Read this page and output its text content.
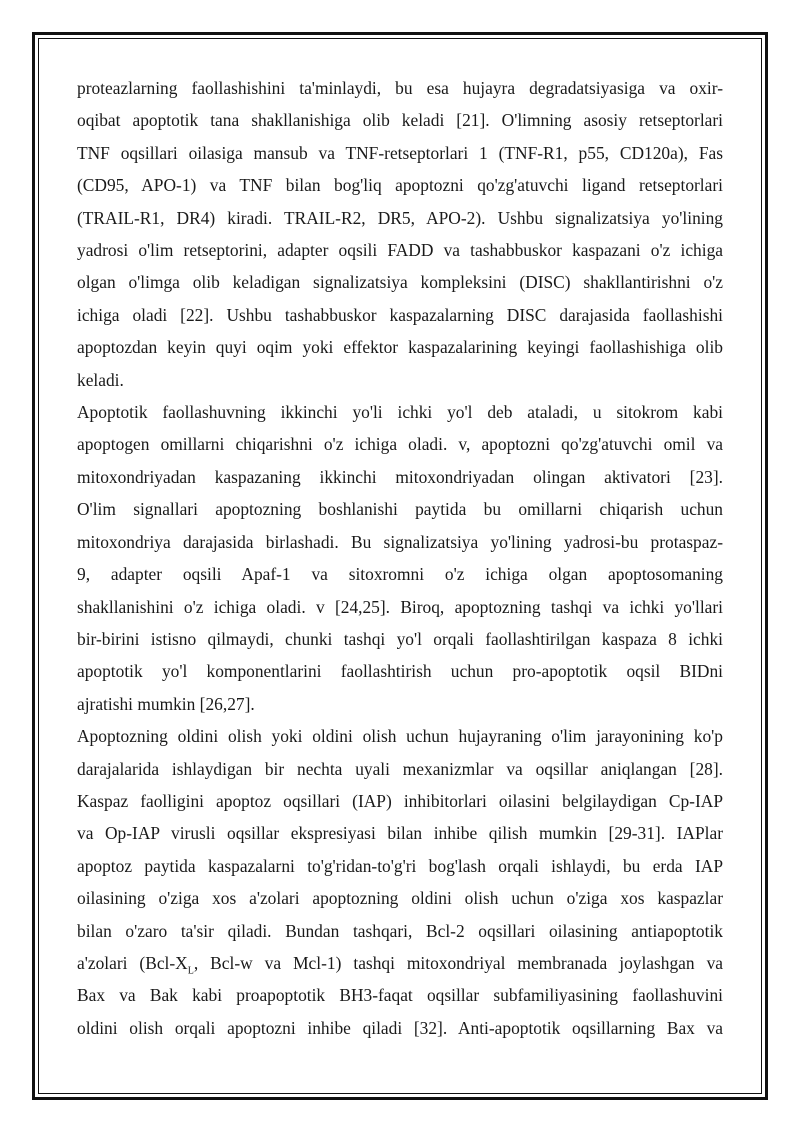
proteazlarning faollashishini ta'minlaydi, bu esa hujayra degradatsiyasiga va oxir-
oqibat apoptotik tana shakllanishiga olib keladi [21]. O'limning asosiy retseptorlari
TNF oqsillari oilasiga mansub va TNF-retseptorlari 1 (TNF-R1, p55, CD120a), Fas
(CD95, APO-1) va TNF bilan bog'liq apoptozni qo'zg'atuvchi ligand retseptorlari
(TRAIL-R1, DR4) kiradi. TRAIL-R2, DR5, APO-2). Ushbu signalizatsiya yo'lining
yadrosi o'lim retseptorini, adapter oqsili FADD va tashabbuskor kaspazani o'z ichiga
olgan o'limga olib keladigan signalizatsiya kompleksini (DISC) shakllantirishni o'z
ichiga oladi [22]. Ushbu tashabbuskor kaspazalarning DISC darajasida faollashishi
apoptozdan keyin quyi oqim yoki effektor kaspazalarining keyingi faollashishiga olib
keladi.

Apoptotik faollashuvning ikkinchi yo'li ichki yo'l deb ataladi, u sitokrom kabi
apoptogen omillarni chiqarishni o'z ichiga oladi. v, apoptozni qo'zg'atuvchi omil va
mitoxondriyadan kaspazaning ikkinchi mitoxondriyadan olingan aktivatori [23].
O'lim signallari apoptozning boshlanishi paytida bu omillarni chiqarish uchun
mitoxondriya darajasida birlashadi. Bu signalizatsiya yo'lining yadrosi-bu protaspaz-
9, adapter oqsili Apaf-1 va sitoxromni o'z ichiga olgan apoptosomaning
shakllanishini o'z ichiga oladi. v [24,25]. Biroq, apoptozning tashqi va ichki yo'llari
bir-birini istisno qilmaydi, chunki tashqi yo'l orqali faollashtirilgan kaspaza 8 ichki
apoptotik yo'l komponentlarini faollashtirish uchun pro-apoptotik oqsil BIDni
ajratishi mumkin [26,27].

Apoptozning oldini olish yoki oldini olish uchun hujayraning o'lim jarayonining ko'p
darajalarida ishlaydigan bir nechta uyali mexanizmlar va oqsillar aniqlangan [28].
Kaspaz faolligini apoptoz oqsillari (IAP) inhibitorlari oilasini belgilaydigan Cp-IAP
va Op-IAP virusli oqsillar ekspresiyasi bilan inhibe qilish mumkin [29-31]. IAPlar
apoptoz paytida kaspazalarni to'g'ridan-to'g'ri bog'lash orqali ishlaydi, bu erda IAP
oilasining o'ziga xos a'zolari apoptozning oldini olish uchun o'ziga xos kaspazlar
bilan o'zaro ta'sir qiladi. Bundan tashqari, Bcl-2 oqsillari oilasining antiapoptotik
a'zolari ($Bcl-X_L$, Bcl-w va Mcl-1) tashqi mitoxondriyal membranada joylashgan va
Bax va Bak kabi proapoptotik BH3-faqat oqsillar subfamiliyasining faollashuvini
oldini olish orqali apoptozni inhibe qiladi [32]. Anti-apoptotik oqsillarning Bax va
